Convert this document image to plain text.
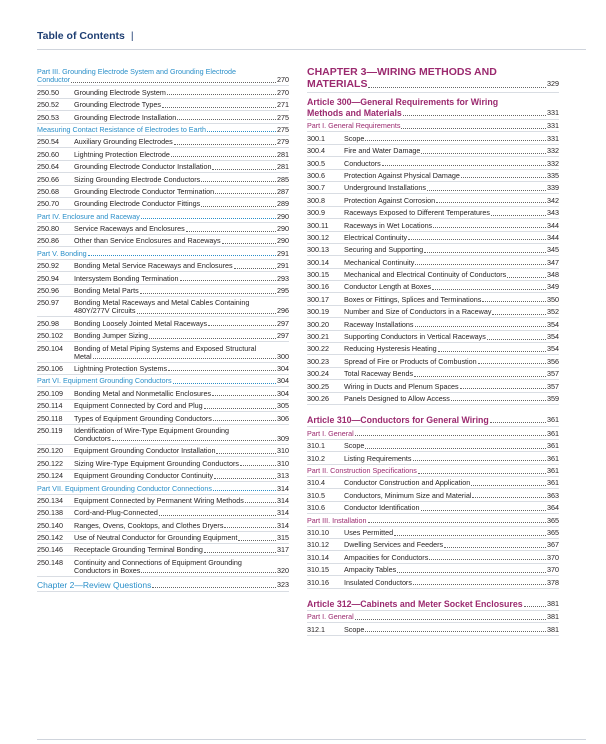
Table of Contents |
Part III. Grounding Electrode System and Grounding Electrode
Conductor	270
250.50	Grounding Electrode System	270
250.52	Grounding Electrode Types	271
250.53	Grounding Electrode Installation	275
Measuring Contact Resistance of Electrodes to Earth	275
250.54	Auxiliary Grounding Electrodes	279
250.60	Lightning Protection Electrode	281
250.64	Grounding Electrode Conductor Installation	281
250.66	Sizing Grounding Electrode Conductors	285
250.68	Grounding Electrode Conductor Termination	287
250.70	Grounding Electrode Conductor Fittings	289
Part IV. Enclosure and Raceway	290
250.80	Service Raceways and Enclosures	290
250.86	Other than Service Enclosures and Raceways	290
Part V. Bonding	291
250.92	Bonding Metal Service Raceways and Enclosures	291
250.94	Intersystem Bonding Termination	293
250.96	Bonding Metal Parts	295
250.97	Bonding Metal Raceways and Metal Cables Containing
480Y/277V Circuits	296
250.98	Bonding Loosely Jointed Metal Raceways	297
250.102	Bonding Jumper Sizing	297
250.104	Bonding of Metal Piping Systems and Exposed Structural
Metal	300
250.106	Lightning Protection Systems	304
Part VI. Equipment Grounding Conductors	304
250.109	Bonding Metal and Nonmetallic Enclosures	304
250.114	Equipment Connected by Cord and Plug	305
250.118	Types of Equipment Grounding Conductors	306
250.119	Identification of Wire-Type Equipment Grounding
Conductors	309
250.120	Equipment Grounding Conductor Installation	310
250.122	Sizing Wire-Type Equipment Grounding Conductors	310
250.124	Equipment Grounding Conductor Continuity	313
Part VII. Equipment Grounding Conductor Connections	314
250.134	Equipment Connected by Permanent Wiring Methods	314
250.138	Cord-and-Plug-Connected	314
250.140	Ranges, Ovens, Cooktops, and Clothes Dryers	314
250.142	Use of Neutral Conductor for Grounding Equipment	315
250.146	Receptacle Grounding Terminal Bonding	317
250.148	Continuity and Connections of Equipment Grounding
Conductors in Boxes	320
Chapter 2—Review Questions	323
CHAPTER 3—WIRING METHODS AND
MATERIALS	329
Article 300—General Requirements for Wiring
Methods and Materials	331
Part I. General Requirements	331
300.1	Scope	331
300.4	Fire and Water Damage	332
300.5	Conductors	332
300.6	Protection Against Physical Damage	335
300.7	Underground Installations	339
300.8	Protection Against Corrosion	342
300.9	Raceways Exposed to Different Temperatures	343
300.11	Raceways in Wet Locations	344
300.12	Electrical Continuity	344
300.13	Securing and Supporting	345
300.14	Mechanical Continuity	347
300.15	Mechanical and Electrical Continuity of Conductors	348
300.16	Conductor Length at Boxes	349
300.17	Boxes or Fittings, Splices and Terminations	350
300.19	Number and Size of Conductors in a Raceway	352
300.20	Raceway Installations	354
300.21	Supporting Conductors in Vertical Raceways	354
300.22	Reducing Hysteresis Heating	354
300.23	Spread of Fire or Products of Combustion	356
300.24	Total Raceway Bends	357
300.25	Wiring in Ducts and Plenum Spaces	357
300.26	Panels Designed to Allow Access	359
Article 310—Conductors for General Wiring	361
Part I. General	361
310.1	Scope	361
310.2	Listing Requirements	361
Part II. Construction Specifications	361
310.4	Conductor Construction and Application	361
310.5	Conductors, Minimum Size and Material	363
310.6	Conductor Identification	364
Part III. Installation	365
310.10	Uses Permitted	365
310.12	Dwelling Services and Feeders	367
310.14	Ampacities for Conductors	370
310.15	Ampacity Tables	370
310.16	Insulated Conductors	378
Article 312—Cabinets and Meter Socket Enclosures	381
Part I. General	381
312.1	Scope	381
